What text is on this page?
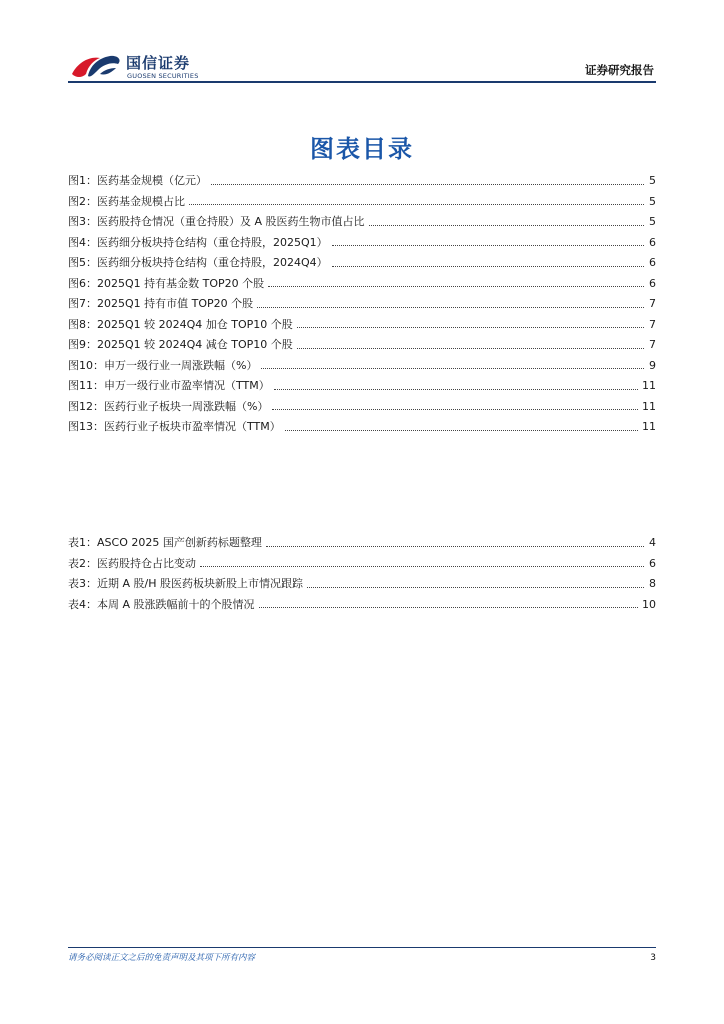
国信证券
GUOSEN SECURITIES	证券研究报告
图表目录
图1： 医药基金规模（亿元）	5
图2： 医药基金规模占比	5
图3： 医药股持仓情况（重仓持股）及 A 股医药生物市值占比	5
图4： 医药细分板块持仓结构（重仓持股，2025Q1）	6
图5： 医药细分板块持仓结构（重仓持股，2024Q4）	6
图6： 2025Q1 持有基金数 TOP20 个股	6
图7： 2025Q1 持有市值 TOP20 个股	7
图8： 2025Q1 较 2024Q4 加仓 TOP10 个股	7
图9： 2025Q1 较 2024Q4 减仓 TOP10 个股	7
图10： 申万一级行业一周涨跌幅（%）	9
图11： 申万一级行业市盈率情况（TTM）	11
图12： 医药行业子板块一周涨跌幅（%）	11
图13： 医药行业子板块市盈率情况（TTM）	11
表1： ASCO 2025 国产创新药标题整理	4
表2： 医药股持仓占比变动	6
表3： 近期 A 股/H 股医药板块新股上市情况跟踪	8
表4： 本周 A 股涨跌幅前十的个股情况	10
请务必阅读正文之后的免责声明及其项下所有内容	3
